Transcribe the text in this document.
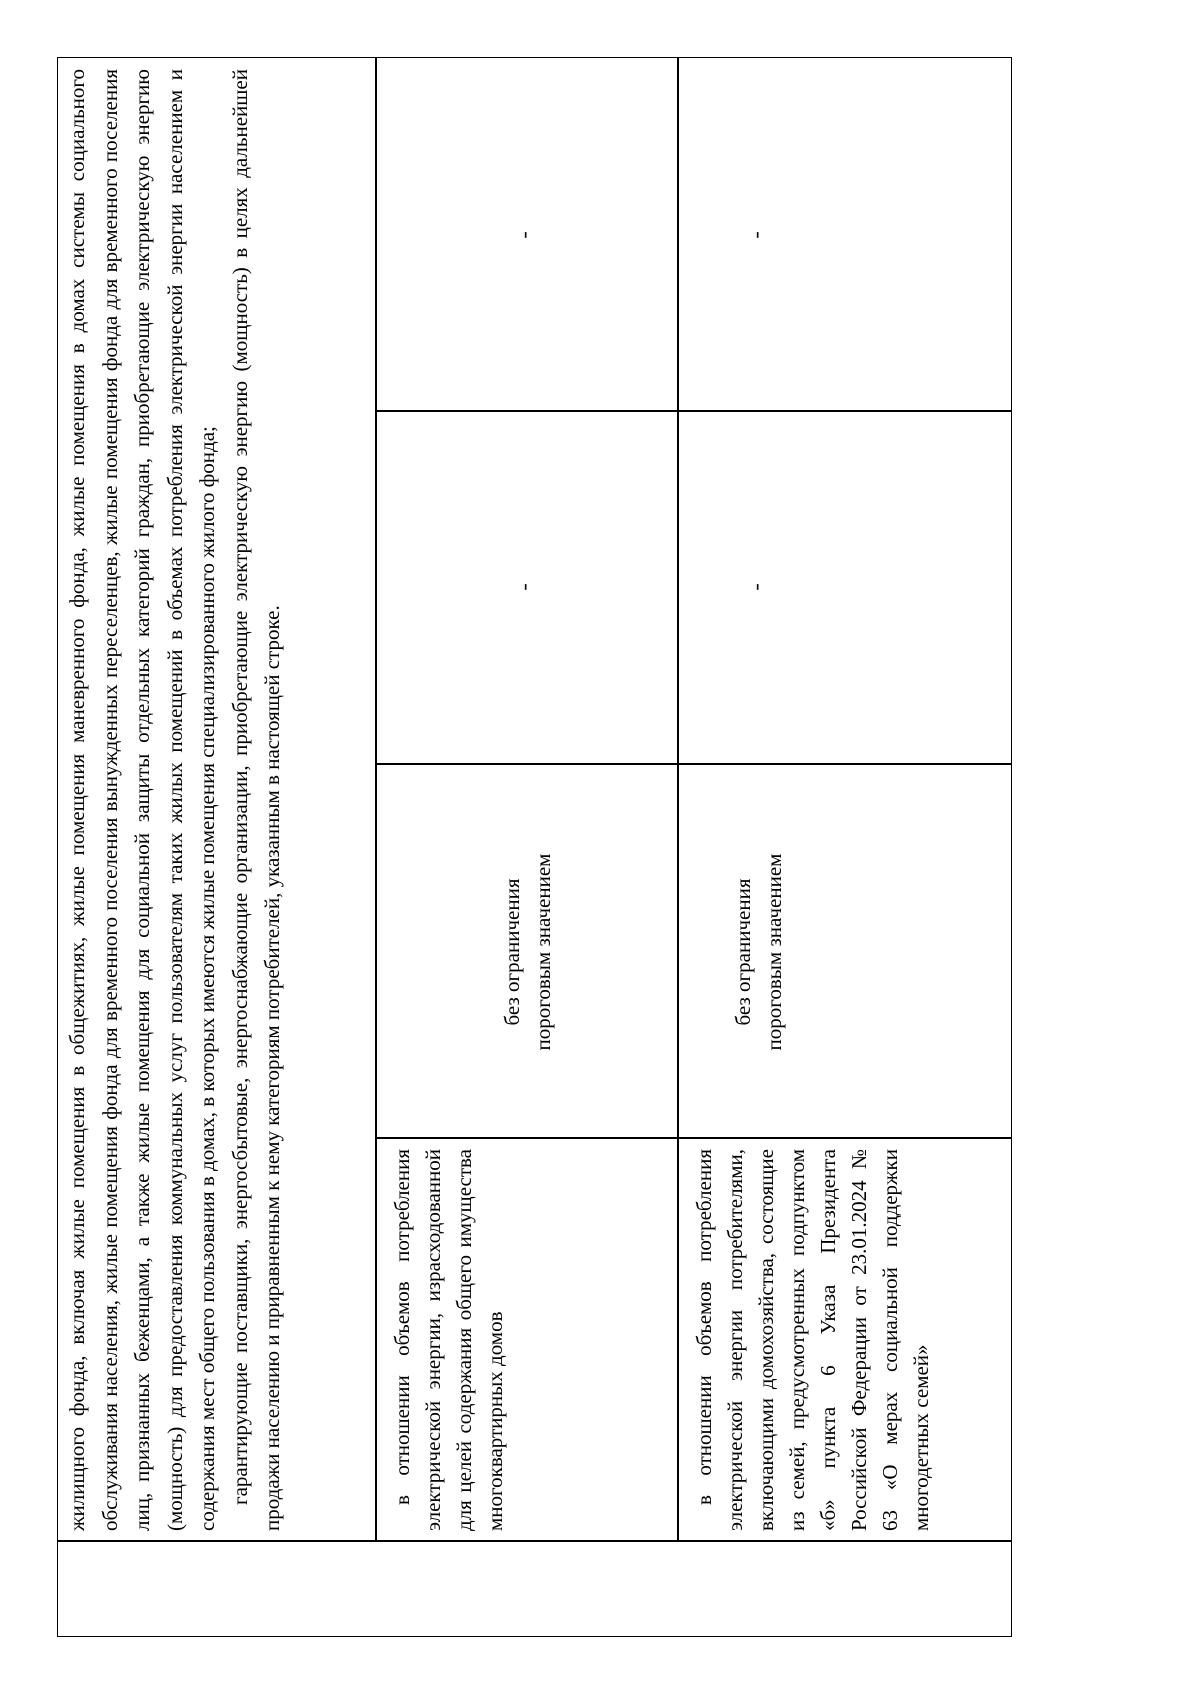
жилищного фонда, включая жилые помещения в общежитиях, жилые помещения маневренного фонда, жилые помещения в домах системы социального обслуживания населения, жилые помещения фонда для временного поселения вынужденных переселенцев, жилые помещения фонда для временного поселения лиц, признанных беженцами, а также жилые помещения для социальной защиты отдельных категорий граждан, приобретающие электрическую энергию (мощность) для предоставления коммунальных услуг пользователям таких жилых помещений в объемах потребления электрической энергии населением и содержания мест общего пользования в домах, в которых имеются жилые помещения специализированного жилого фонда; гарантирующие поставщики, энергосбытовые, энергоснабжающие организации, приобретающие электрическую энергию (мощность) в целях дальнейшей продажи населению и приравненным к нему категориям потребителей, указанным в настоящей строке.	в отношении объемов потребления электрической энергии, израсходованной для целей содержания общего имущества многоквартирных домов
без ограничения пороговым значением
-
-
в отношении объемов потребления электрической энергии потребителями, включающими домохозяйства, состоящие из семей, предусмотренных подпунктом «б» пункта 6 Указа Президента Российской Федерации от 23.01.2024 № 63 «О мерах социальной поддержки многодетных семей»
без ограничения пороговым значением
-
-
